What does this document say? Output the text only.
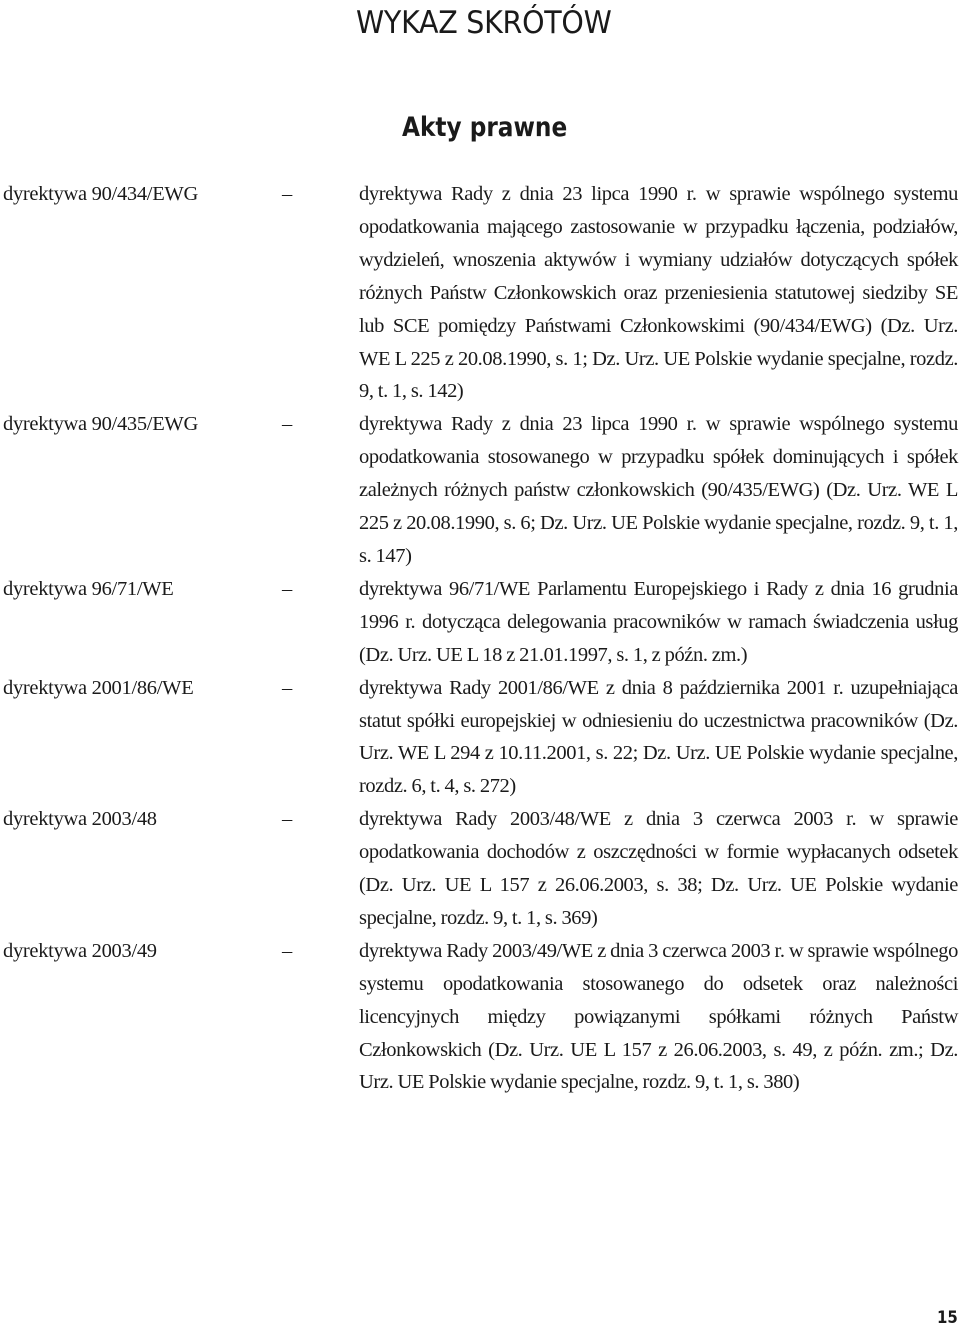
WYKAZ SKRÓTÓW
Akty prawne
dyrektywa 90/434/EWG	–	dyrektywa Rady z dnia 23 lipca 1990 r. w sprawie wspólnego systemu opodatkowania mającego zastosowanie w przypadku łączenia, podziałów, wydzieleń, wnoszenia aktywów i wymiany udziałów dotyczących spółek różnych Państw Członkowskich oraz przeniesienia statutowej siedziby SE lub SCE pomiędzy Państwami Członkowskimi (90/434/EWG) (Dz. Urz. WE L 225 z 20.08.1990, s. 1; Dz. Urz. UE Polskie wydanie specjalne, rozdz. 9, t. 1, s. 142)
dyrektywa 90/435/EWG	–	dyrektywa Rady z dnia 23 lipca 1990 r. w sprawie wspólnego systemu opodatkowania stosowanego w przypadku spółek dominujących i spółek zależnych różnych państw członkowskich (90/435/EWG) (Dz. Urz. WE L 225 z 20.08.1990, s. 6; Dz. Urz. UE Polskie wydanie specjalne, rozdz. 9, t. 1, s. 147)
dyrektywa 96/71/WE	–	dyrektywa 96/71/WE Parlamentu Europejskiego i Rady z dnia 16 grudnia 1996 r. dotycząca delegowania pracowników w ramach świadczenia usług (Dz. Urz. UE L 18 z 21.01.1997, s. 1, z późn. zm.)
dyrektywa 2001/86/WE	–	dyrektywa Rady 2001/86/WE z dnia 8 października 2001 r. uzupełniająca statut spółki europejskiej w odniesieniu do uczestnictwa pracowników (Dz. Urz. WE L 294 z 10.11.2001, s. 22; Dz. Urz. UE Polskie wydanie specjalne, rozdz. 6, t. 4, s. 272)
dyrektywa 2003/48	–	dyrektywa Rady 2003/48/WE z dnia 3 czerwca 2003 r. w sprawie opodatkowania dochodów z oszczędności w formie wypłacanych odsetek (Dz. Urz. UE L 157 z 26.06.2003, s. 38; Dz. Urz. UE Polskie wydanie specjalne, rozdz. 9, t. 1, s. 369)
dyrektywa 2003/49	–	dyrektywa Rady 2003/49/WE z dnia 3 czerwca 2003 r. w sprawie wspólnego systemu opodatkowania stosowanego do odsetek oraz należności licencyjnych między powiązanymi spółkami różnych Państw Członkowskich (Dz. Urz. UE L 157 z 26.06.2003, s. 49, z późn. zm.; Dz. Urz. UE Polskie wydanie specjalne, rozdz. 9, t. 1, s. 380)
15
